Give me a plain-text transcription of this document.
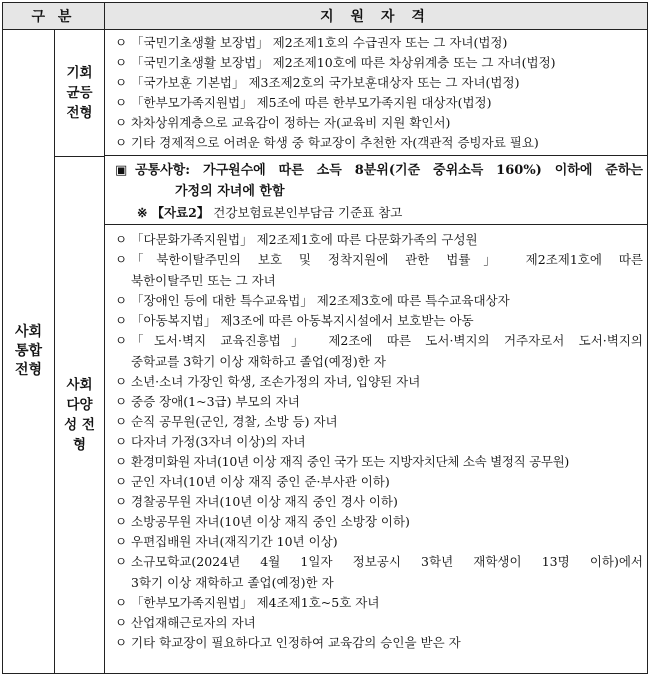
구 분	지 원 자 격
사회 통합 전형
기회 균등 전형
사회 다양성 전형
ㅇ 「국민기초생활 보장법」 제2조제1호의 수급권자 또는 그 자녀(법정)
ㅇ 「국민기초생활 보장법」 제2조제10호에 따른 차상위계층 또는 그 자녀(법정)
ㅇ 「국가보훈 기본법」 제3조제2호의 국가보훈대상자 또는 그 자녀(법정)
ㅇ 「한부모가족지원법」 제5조에 따른 한부모가족지원 대상자(법정)
ㅇ 차차상위계층으로 교육감이 정하는 자(교육비 지원 확인서)
ㅇ 기타 경제적으로 어려운 학생 중 학교장이 추천한 자(객관적 증빙자료 필요)
▣ 공통사항: 가구원수에 따른 소득 8분위(기준 중위소득 160%) 이하에 준하는
가정의 자녀에 한함
※ 【자료2】 건강보험료본인부담금 기준표 참고
ㅇ 「다문화가족지원법」 제2조제1호에 따른 다문화가족의 구성원
ㅇ 「북한이탈주민의 보호 및 정착지원에 관한 법률」 제2조제1호에 따른
북한이탈주민 또는 그 자녀
ㅇ 「장애인 등에 대한 특수교육법」 제2조제3호에 따른 특수교육대상자
ㅇ 「아동복지법」 제3조에 따른 아동복지시설에서 보호받는 아동
ㅇ 「도서·벽지 교육진흥법」 제2조에 따른 도서·벽지의 거주자로서 도서·벽지의
중학교를 3학기 이상 재학하고 졸업(예정)한 자
ㅇ 소년·소녀 가장인 학생, 조손가정의 자녀, 입양된 자녀
ㅇ 중증 장애(1~3급) 부모의 자녀
ㅇ 순직 공무원(군인, 경찰, 소방 등) 자녀
ㅇ 다자녀 가정(3자녀 이상)의 자녀
ㅇ 환경미화원 자녀(10년 이상 재직 중인 국가 또는 지방자치단체 소속 별정직 공무원)
ㅇ 군인 자녀(10년 이상 재직 중인 준·부사관 이하)
ㅇ 경찰공무원 자녀(10년 이상 재직 중인 경사 이하)
ㅇ 소방공무원 자녀(10년 이상 재직 중인 소방장 이하)
ㅇ 우편집배원 자녀(재직기간 10년 이상)
ㅇ 소규모학교(2024년 4월 1일자 정보공시 3학년 재학생이 13명 이하)에서
3학기 이상 재학하고 졸업(예정)한 자
ㅇ 「한부모가족지원법」 제4조제1호~5호 자녀
ㅇ 산업재해근로자의 자녀
ㅇ 기타 학교장이 필요하다고 인정하여 교육감의 승인을 받은 자
